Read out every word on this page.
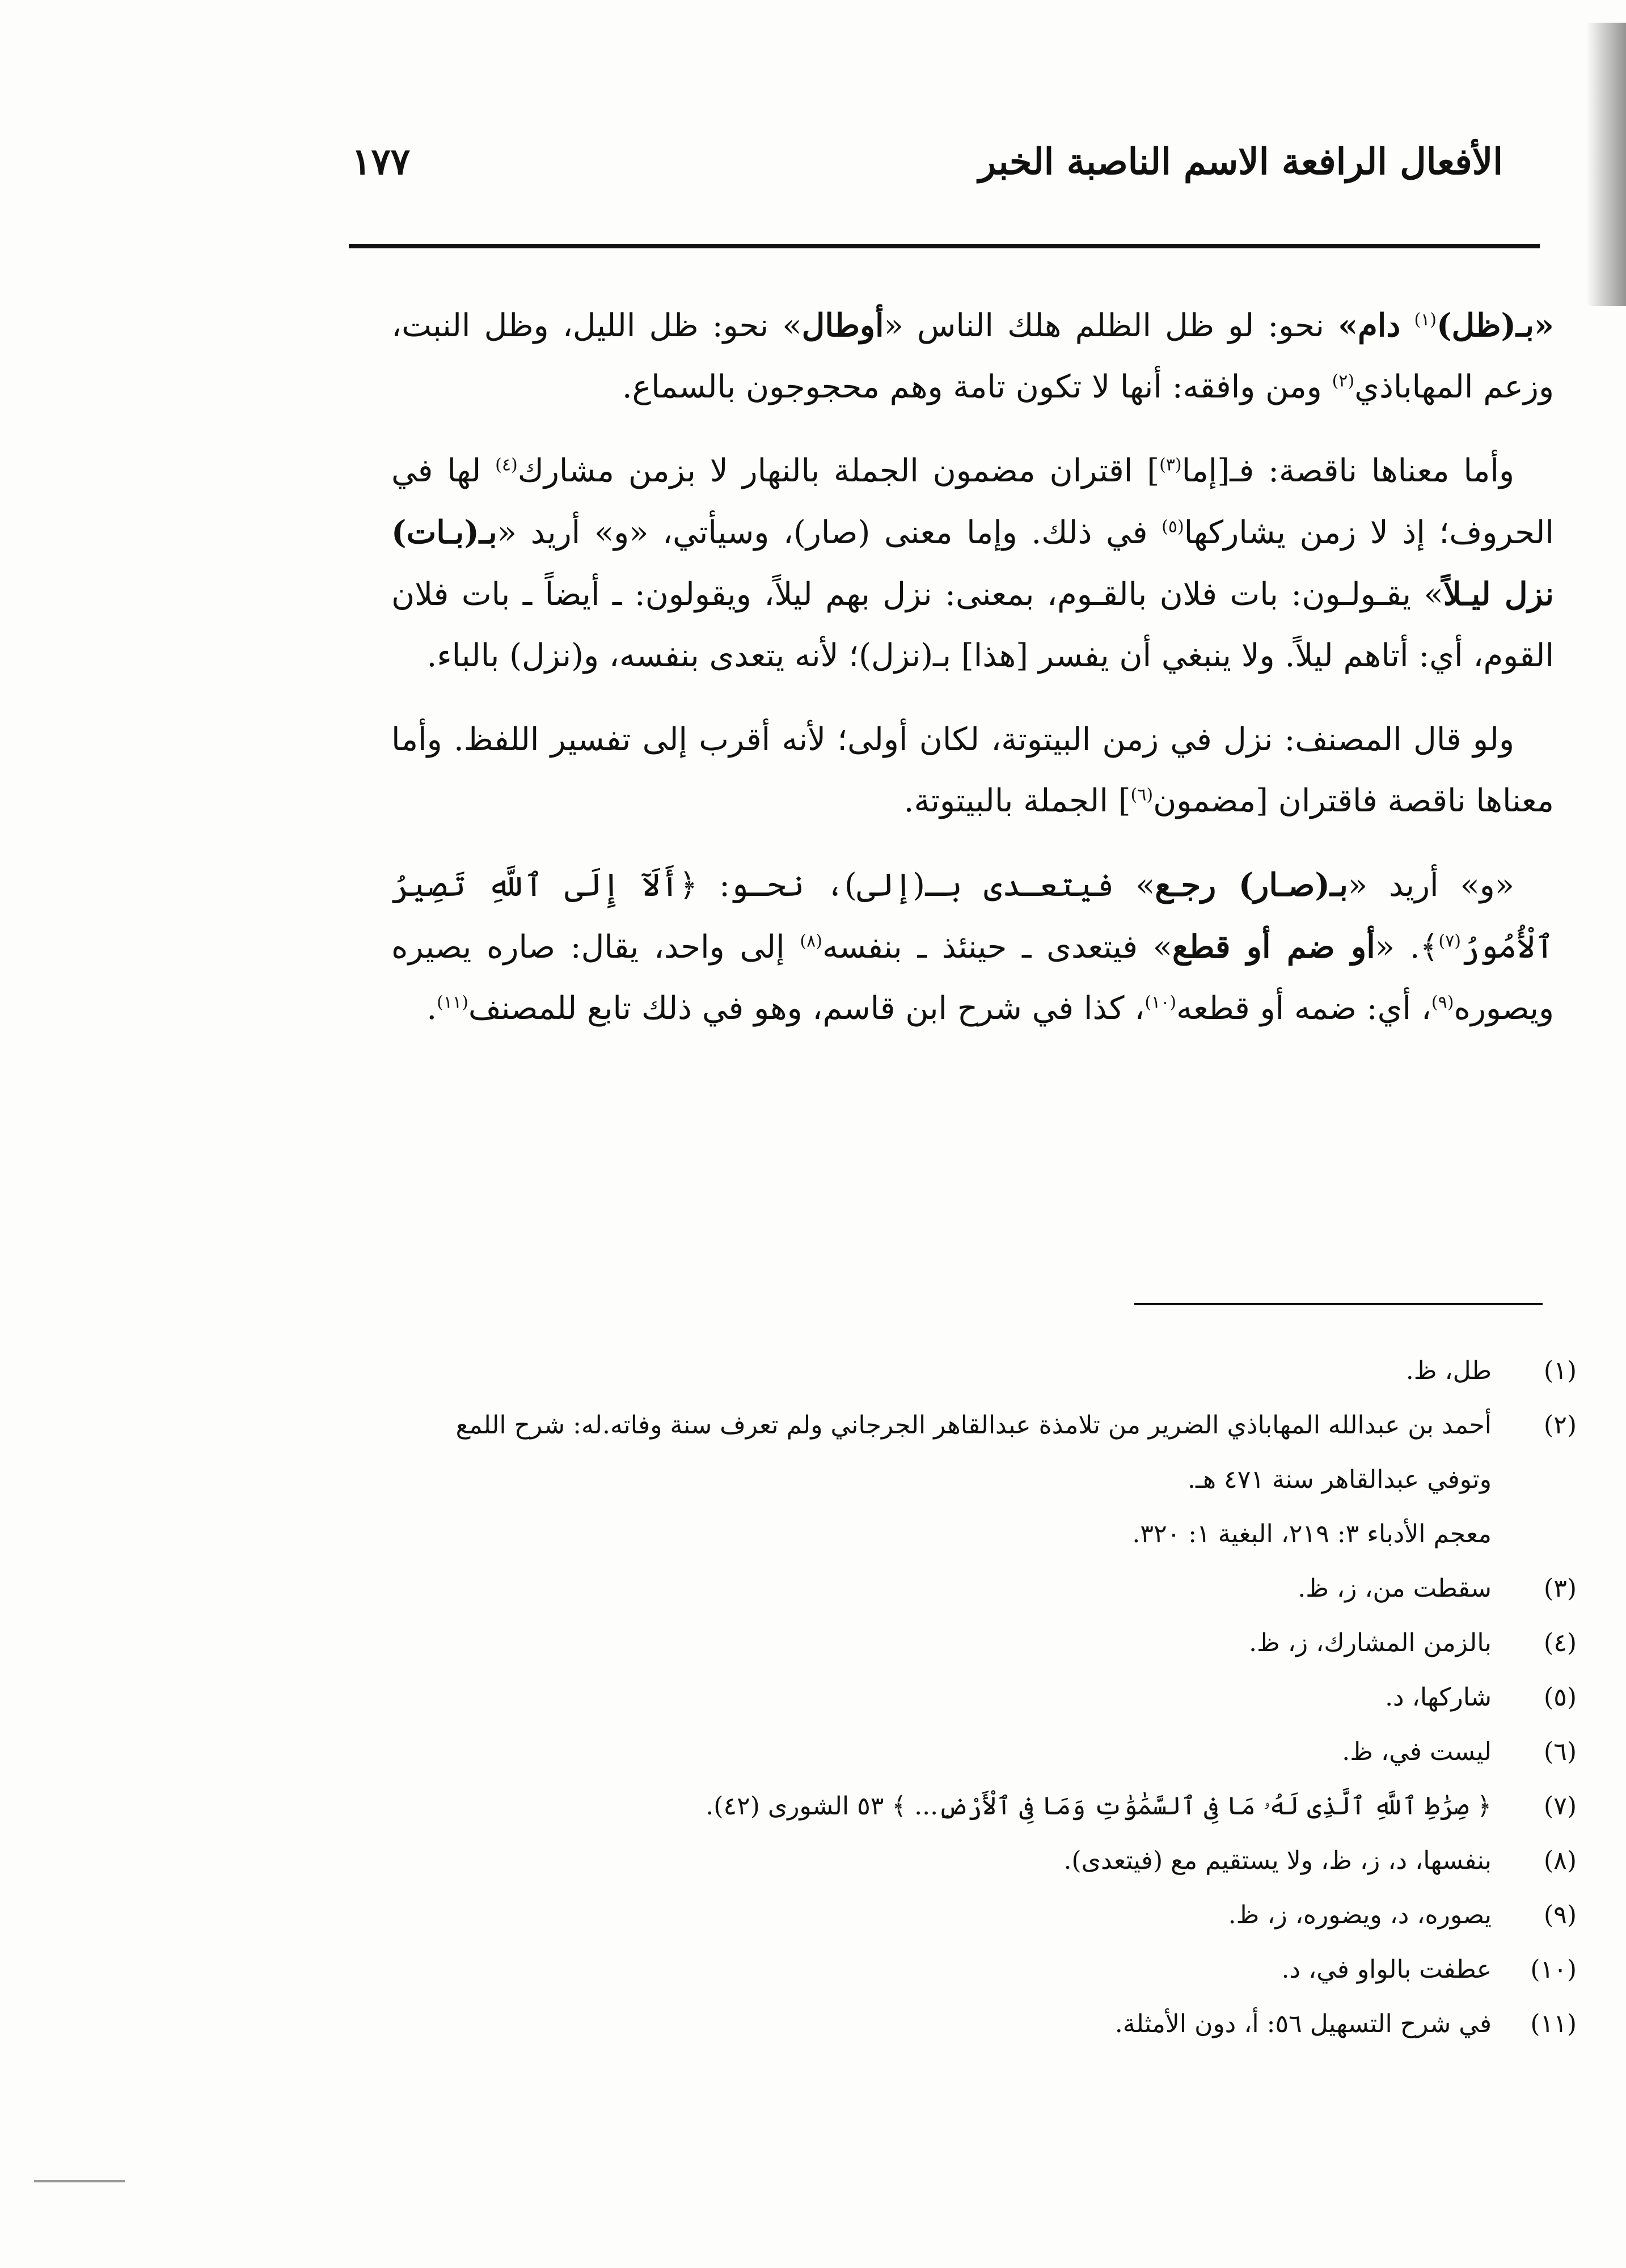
الأفعال الرافعة الاسم الناصبة الخبر
١٧٧

«بـ(ظل)$^{(١)}$ دام» نحو: لو ظل الظلم هلك الناس «أوطال» نحو: ظل الليل، وظل النبت، وزعم المهاباذي$^{(٢)}$ ومن وافقه: أنها لا تكون تامة وهم محجوجون بالسماع.

وأما معناها ناقصة: فـ[إما$^{(٣)}$] اقتران مضمون الجملة بالنهار لا بزمن مشارك$^{(٤)}$ لها في الحروف؛ إذ لا زمن يشاركها$^{(٥)}$ في ذلك. وإما معنى (صار)، وسيأتي، «و» أريد «بـ(بـات) نزل ليـلاً» يقـولـون: بات فلان بالقـوم، بمعنى: نزل بهم ليلاً، ويقولون: ـ أيضاً ـ بات فلان القوم، أي: أتاهم ليلاً. ولا ينبغي أن يفسر [هذا] بـ(نزل)؛ لأنه يتعدى بنفسه، و(نزل) بالباء.

ولو قال المصنف: نزل في زمن البيتوتة، لكان أولى؛ لأنه أقرب إلى تفسير اللفظ. وأما معناها ناقصة فاقتران [مضمون$^{(٦)}$] الجملة بالبيتوتة.

«و» أريد «بـ(صـار) رجـع» فيتعـدى بـ(إلى)، نحـو: ﴿أَلَآ إِلَى ٱللَّهِ تَصِيرُ ٱلْأُمُورُ$^{(٧)}$﴾. «أو ضم أو قطع» فيتعدى ـ حينئذ ـ بنفسه$^{(٨)}$ إلى واحد، يقال: صاره يصيره ويصوره$^{(٩)}$، أي: ضمه أو قطعه$^{(١٠)}$، كذا في شرح ابن قاسم، وهو في ذلك تابع للمصنف$^{(١١)}$.

(١)
طل، ظ.
(٢)
أحمد بن عبدالله المهاباذي الضرير من تلامذة عبدالقاهر الجرجاني ولم تعرف سنة وفاته.له: شرح اللمع وتوفي عبدالقاهر سنة ٤٧١ هـ.
معجم الأدباء ٣: ٢١٩، البغية ١: ٣٢٠.
(٣)
سقطت من، ز، ظ.
(٤)
بالزمن المشارك، ز، ظ.
(٥)
شاركها، د.
(٦)
ليست في، ظ.
(٧)
﴿ صِرَٰطِ ٱللَّهِ ٱلَّذِى لَهُۥ مَا فِى ٱلسَّمَٰوَٰتِ وَمَا فِى ٱلْأَرْضِ... ﴾ ٥٣ الشورى (٤٢).
(٨)
بنفسها، د، ز، ظ، ولا يستقيم مع (فيتعدى).
(٩)
يصوره، د، ويضوره، ز، ظ.
(١٠)
عطفت بالواو في، د.
(١١)
في شرح التسهيل ٥٦: أ، دون الأمثلة.
